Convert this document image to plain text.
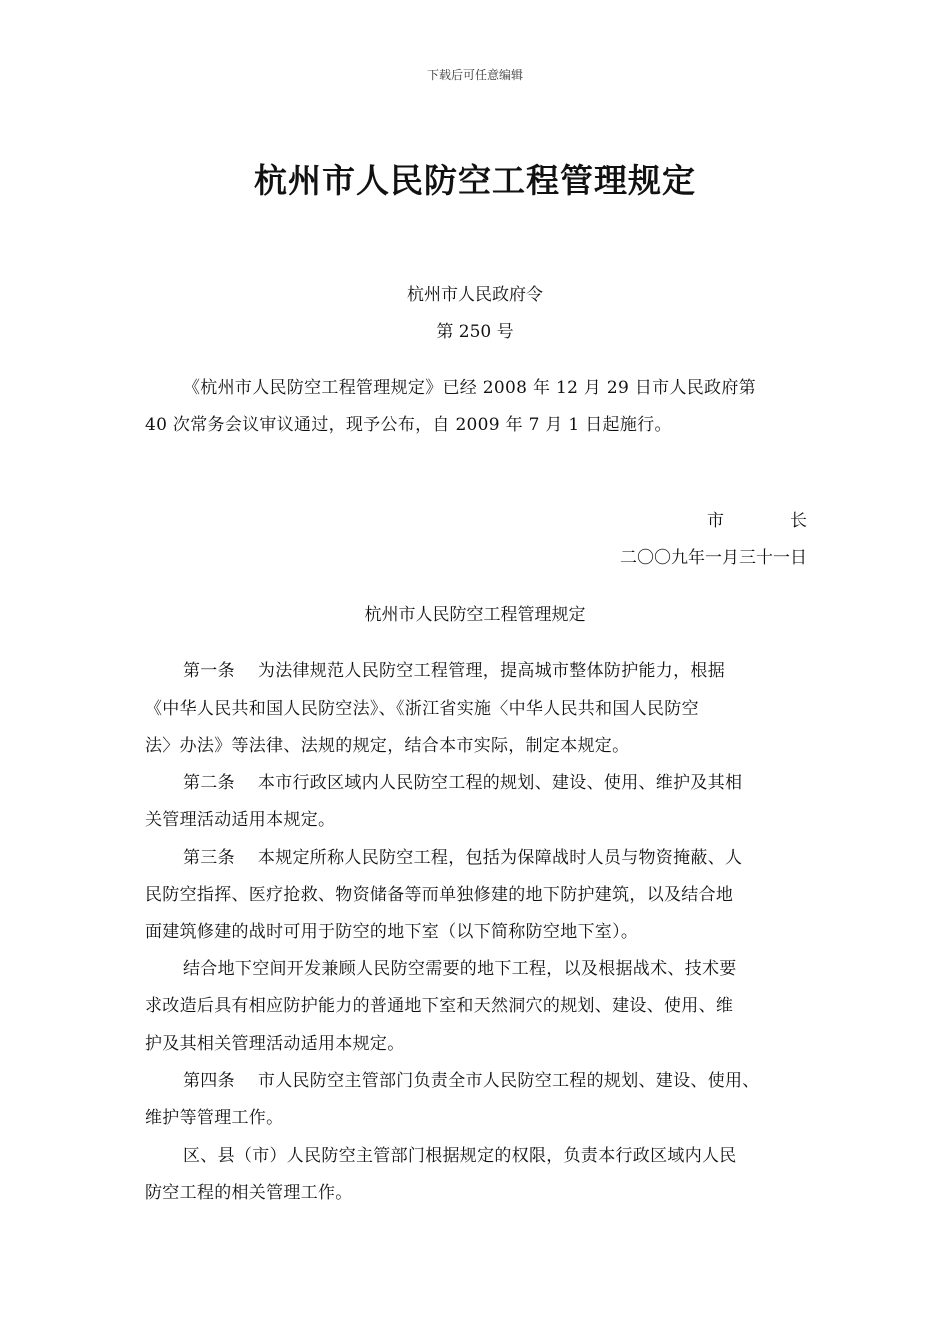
下载后可任意编辑
杭州市人民防空工程管理规定
杭州市人民政府令
第 250 号
《杭州市人民防空工程管理规定》已经 2008 年 12 月 29 日市人民政府第
40 次常务会议审议通过，现予公布，自 2009 年 7 月 1 日起施行。
市	长
二〇〇九年一月三十一日
杭州市人民防空工程管理规定
第一条　 为法律规范人民防空工程管理，提高城市整体防护能力，根据
《中华人民共和国人民防空法》、《浙江省实施〈中华人民共和国人民防空
法〉办法》等法律、法规的规定，结合本市实际，制定本规定。
第二条　 本市行政区域内人民防空工程的规划、建设、使用、维护及其相
关管理活动适用本规定。
第三条　 本规定所称人民防空工程，包括为保障战时人员与物资掩蔽、人
民防空指挥、医疗抢救、物资储备等而单独修建的地下防护建筑，以及结合地
面建筑修建的战时可用于防空的地下室（以下简称防空地下室）。
结合地下空间开发兼顾人民防空需要的地下工程，以及根据战术、技术要
求改造后具有相应防护能力的普通地下室和天然洞穴的规划、建设、使用、维
护及其相关管理活动适用本规定。
第四条　 市人民防空主管部门负责全市人民防空工程的规划、建设、使用、
维护等管理工作。
区、县（市）人民防空主管部门根据规定的权限，负责本行政区域内人民
防空工程的相关管理工作。
